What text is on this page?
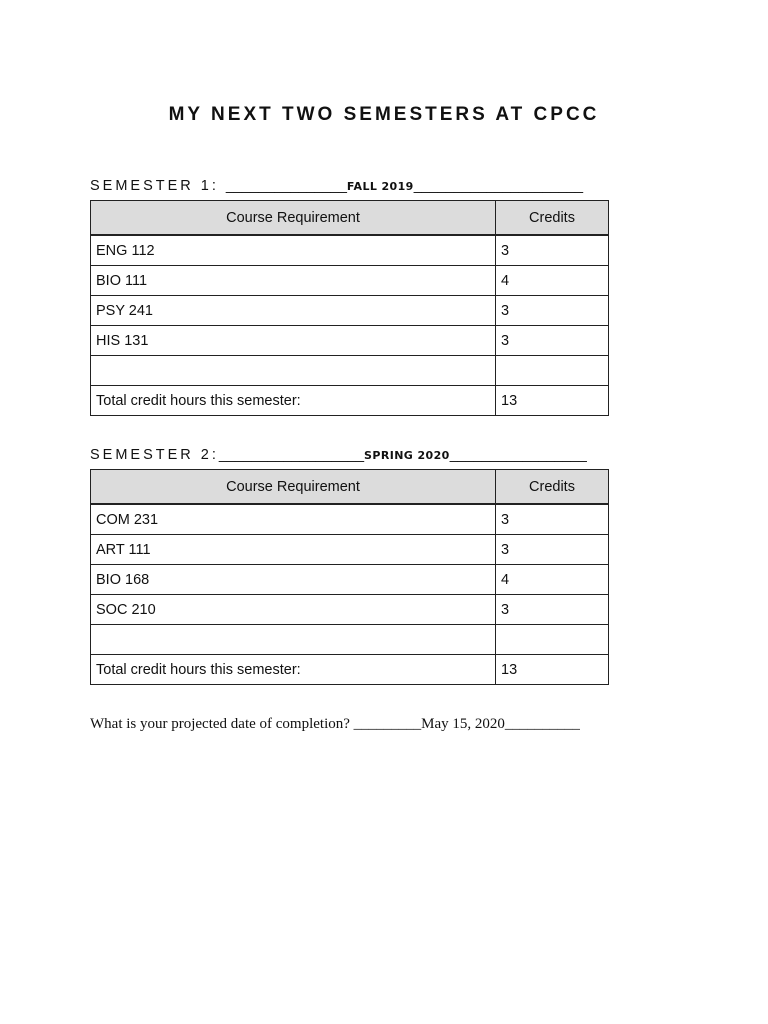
MY NEXT TWO SEMESTERS AT CPCC
SEMESTER 1: _______________FALL 2019_____________________
Course Requirement	Credits
ENG 112	3
BIO 111	4
PSY 241	3
HIS 131	3

Total credit hours this semester:	13
SEMESTER 2:__________________SPRING 2020_________________
Course Requirement	Credits
COM 231	3
ART 111	3
BIO 168	4
SOC 210	3

Total credit hours this semester:	13
What is your projected date of completion? _________May 15, 2020__________
